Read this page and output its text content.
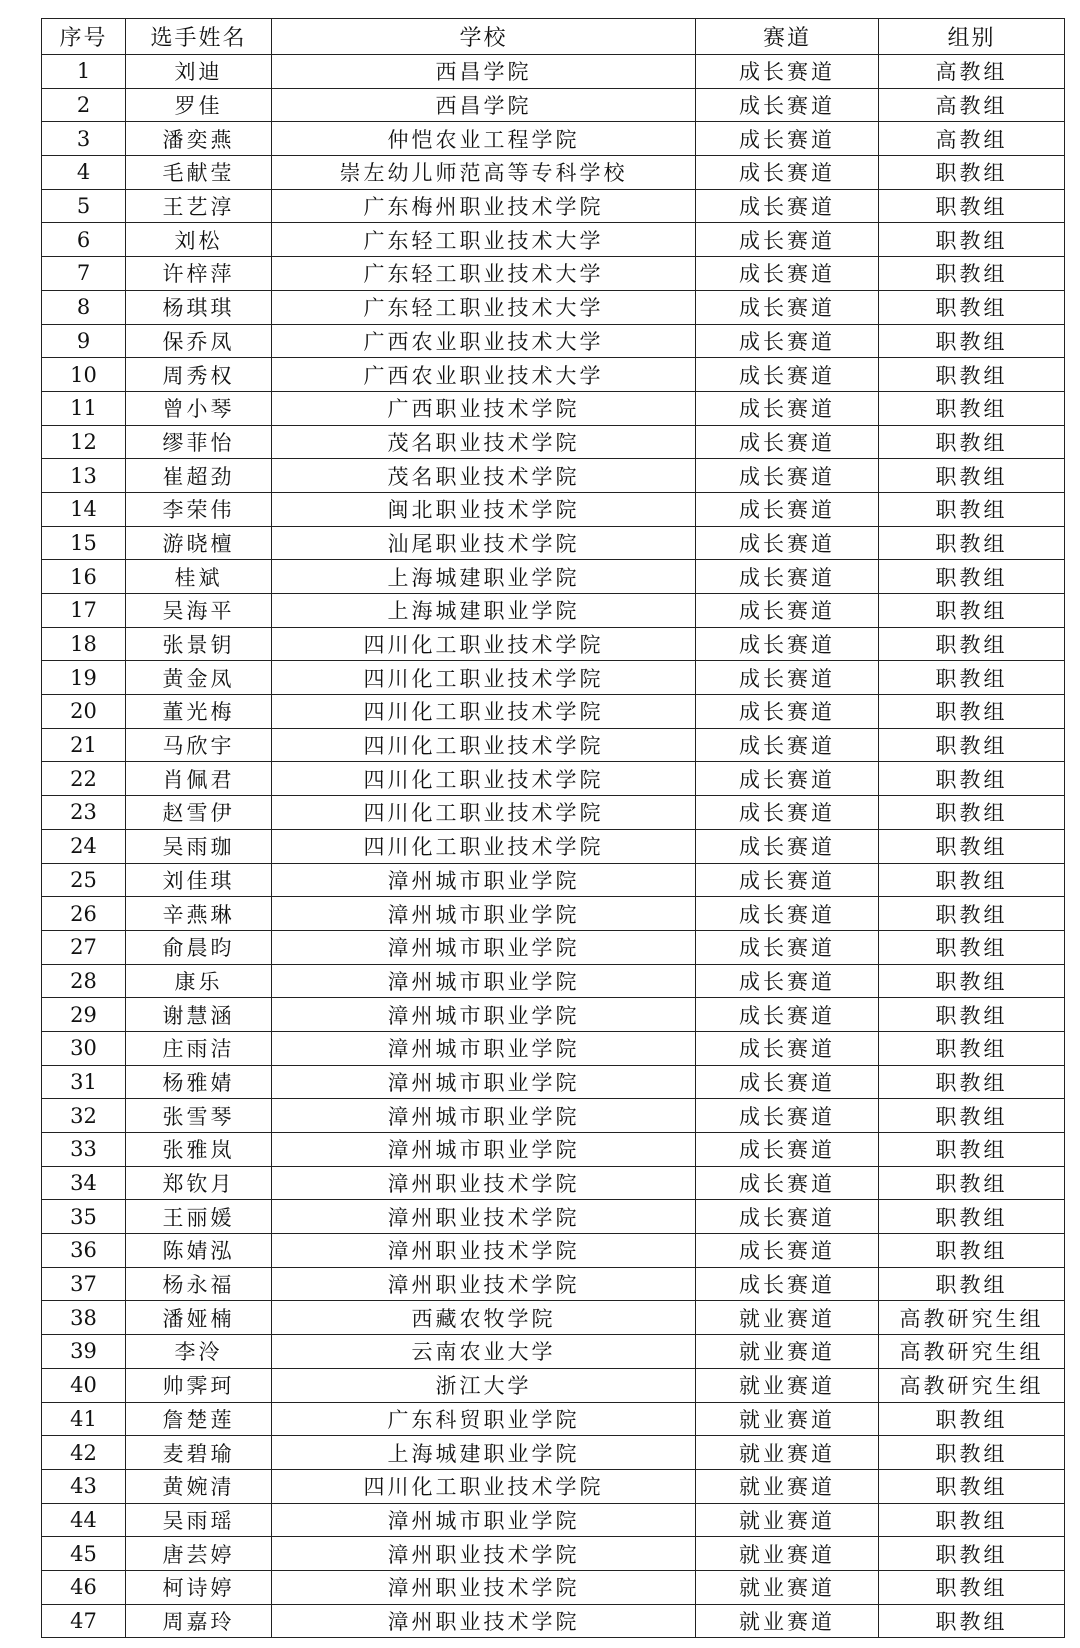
序号	选手姓名	学校	赛道	组别
1	刘迪	西昌学院	成长赛道	高教组
2	罗佳	西昌学院	成长赛道	高教组
3	潘奕燕	仲恺农业工程学院	成长赛道	高教组
4	毛献莹	崇左幼儿师范高等专科学校	成长赛道	职教组
5	王艺淳	广东梅州职业技术学院	成长赛道	职教组
6	刘松	广东轻工职业技术大学	成长赛道	职教组
7	许梓萍	广东轻工职业技术大学	成长赛道	职教组
8	杨琪琪	广东轻工职业技术大学	成长赛道	职教组
9	保乔凤	广西农业职业技术大学	成长赛道	职教组
10	周秀权	广西农业职业技术大学	成长赛道	职教组
11	曾小琴	广西职业技术学院	成长赛道	职教组
12	缪菲怡	茂名职业技术学院	成长赛道	职教组
13	崔超劲	茂名职业技术学院	成长赛道	职教组
14	李荣伟	闽北职业技术学院	成长赛道	职教组
15	游晓檀	汕尾职业技术学院	成长赛道	职教组
16	桂斌	上海城建职业学院	成长赛道	职教组
17	吴海平	上海城建职业学院	成长赛道	职教组
18	张景钥	四川化工职业技术学院	成长赛道	职教组
19	黄金凤	四川化工职业技术学院	成长赛道	职教组
20	董光梅	四川化工职业技术学院	成长赛道	职教组
21	马欣宇	四川化工职业技术学院	成长赛道	职教组
22	肖佩君	四川化工职业技术学院	成长赛道	职教组
23	赵雪伊	四川化工职业技术学院	成长赛道	职教组
24	吴雨珈	四川化工职业技术学院	成长赛道	职教组
25	刘佳琪	漳州城市职业学院	成长赛道	职教组
26	辛燕琳	漳州城市职业学院	成长赛道	职教组
27	俞晨昀	漳州城市职业学院	成长赛道	职教组
28	康乐	漳州城市职业学院	成长赛道	职教组
29	谢慧涵	漳州城市职业学院	成长赛道	职教组
30	庄雨洁	漳州城市职业学院	成长赛道	职教组
31	杨雅婧	漳州城市职业学院	成长赛道	职教组
32	张雪琴	漳州城市职业学院	成长赛道	职教组
33	张雅岚	漳州城市职业学院	成长赛道	职教组
34	郑钦月	漳州职业技术学院	成长赛道	职教组
35	王丽媛	漳州职业技术学院	成长赛道	职教组
36	陈婧泓	漳州职业技术学院	成长赛道	职教组
37	杨永福	漳州职业技术学院	成长赛道	职教组
38	潘娅楠	西藏农牧学院	就业赛道	高教研究生组
39	李泠	云南农业大学	就业赛道	高教研究生组
40	帅霁珂	浙江大学	就业赛道	高教研究生组
41	詹楚莲	广东科贸职业学院	就业赛道	职教组
42	麦碧瑜	上海城建职业学院	就业赛道	职教组
43	黄婉清	四川化工职业技术学院	就业赛道	职教组
44	吴雨瑶	漳州城市职业学院	就业赛道	职教组
45	唐芸婷	漳州职业技术学院	就业赛道	职教组
46	柯诗婷	漳州职业技术学院	就业赛道	职教组
47	周嘉玲	漳州职业技术学院	就业赛道	职教组
